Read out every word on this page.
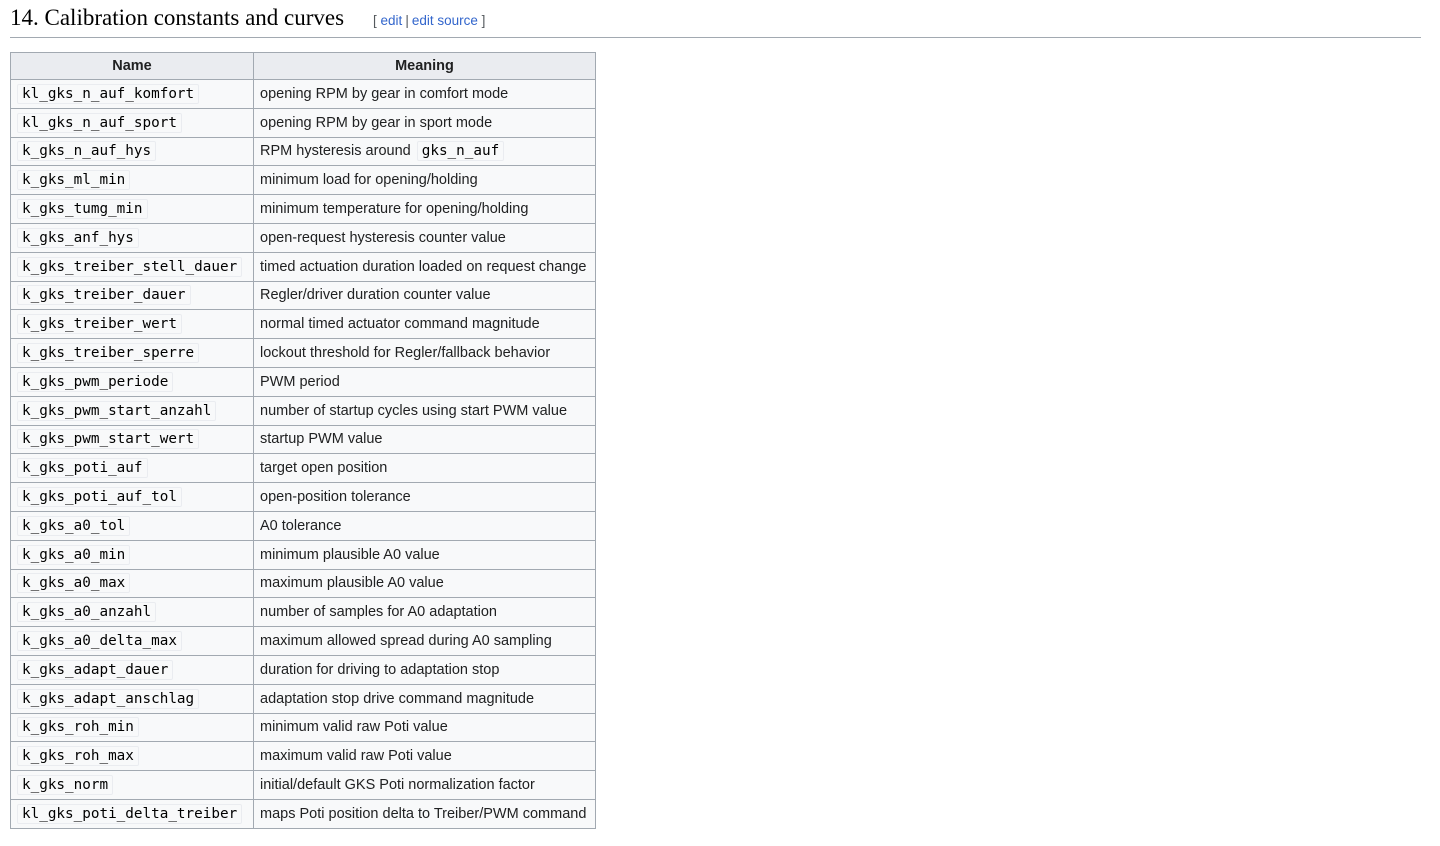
14. Calibration constants and curves [ edit | edit source ]
Name	Meaning
kl_gks_n_auf_komfort	opening RPM by gear in comfort mode
kl_gks_n_auf_sport	opening RPM by gear in sport mode
k_gks_n_auf_hys	RPM hysteresis around gks_n_auf
k_gks_ml_min	minimum load for opening/holding
k_gks_tumg_min	minimum temperature for opening/holding
k_gks_anf_hys	open-request hysteresis counter value
k_gks_treiber_stell_dauer	timed actuation duration loaded on request change
k_gks_treiber_dauer	Regler/driver duration counter value
k_gks_treiber_wert	normal timed actuator command magnitude
k_gks_treiber_sperre	lockout threshold for Regler/fallback behavior
k_gks_pwm_periode	PWM period
k_gks_pwm_start_anzahl	number of startup cycles using start PWM value
k_gks_pwm_start_wert	startup PWM value
k_gks_poti_auf	target open position
k_gks_poti_auf_tol	open-position tolerance
k_gks_a0_tol	A0 tolerance
k_gks_a0_min	minimum plausible A0 value
k_gks_a0_max	maximum plausible A0 value
k_gks_a0_anzahl	number of samples for A0 adaptation
k_gks_a0_delta_max	maximum allowed spread during A0 sampling
k_gks_adapt_dauer	duration for driving to adaptation stop
k_gks_adapt_anschlag	adaptation stop drive command magnitude
k_gks_roh_min	minimum valid raw Poti value
k_gks_roh_max	maximum valid raw Poti value
k_gks_norm	initial/default GKS Poti normalization factor
kl_gks_poti_delta_treiber	maps Poti position delta to Treiber/PWM command
